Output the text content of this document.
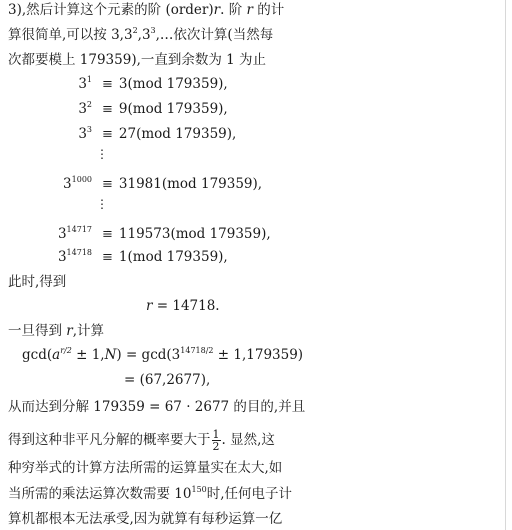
3),然后计算这个元素的阶 (order)r. 阶 r 的计
算很简单,可以按 $3,3^2,3^3,\dots$依次计算(当然每
次都要模上 179359),一直到余数为 1 为止
$3^1 \equiv 3(mod$ 179359),
$3^2 \equiv 9(mod$ 179359),
$3^3 \equiv 27(mod$ 179359),
⋮
$3^{1000} \equiv 31981(mod$ 179359),
⋮
$3^{14717} \equiv 119573(mod$ 179359),
$3^{14718} \equiv 1(mod$ 179359),
此时,得到
r = 14718.
一旦得到 r,计算
$\gcd(a^{r/2} \pm 1,N) = \gcd(3^{14718/2} \pm 1,179359)$
= (67,2677),
从而达到分解 179359 = 67 · 2677 的目的,并且
得到这种非平凡分解的概率要大于 $\frac{1}{2}$ . 显然,这
种穷举式的计算方法所需的运算量实在太大,如
当所需的乘法运算次数需要 $10^{150}$时,任何电子计
算机都根本无法承受,因为就算有每秒运算一亿
